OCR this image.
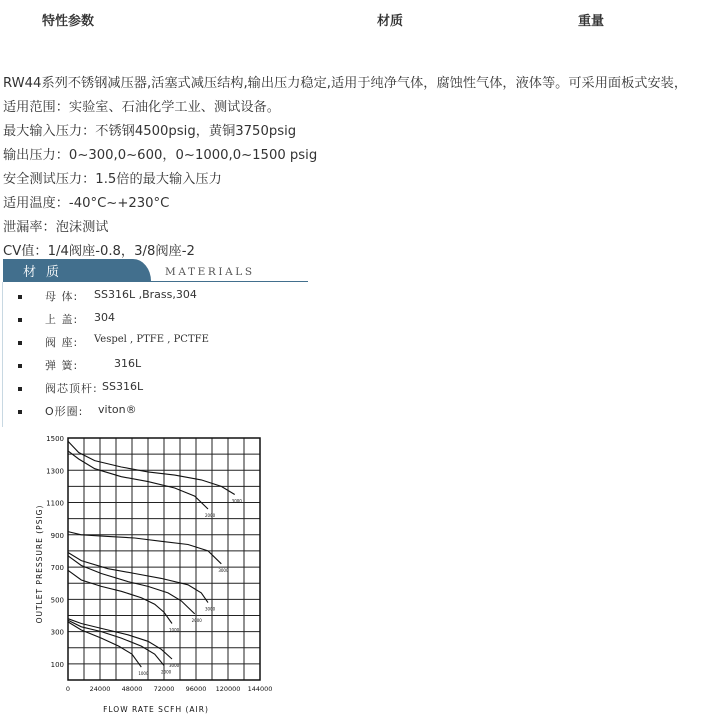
特性参数	材质	重量
RW44系列不锈钢减压器,活塞式减压结构,输出压力稳定,适用于纯净气体，腐蚀性气体，液体等。可采用面板式安装，
适用范围：实验室、石油化学工业、测试设备。
最大输入压力：不锈钢4500psig，黄铜3750psig
输出压力：0~300,0~600，0~1000,0~1500 psig
安全测试压力：1.5倍的最大输入压力
适用温度：-40°C~+230°C
泄漏率：泡沫测试
CV值：1/4阀座-0.8，3/8阀座-2
材质	MATERIALS
母 体: SS316L ,Brass,304
上 盖: 304
阀 座: Vespel , PTFE , PCTFE
弹 簧:	316L
阀芯顶杆: SS316L
O形圈: viton®
3000
2000
3000
3000
2000
1000
3000
2000
1000
100
300
500
700
900
1100
1300
1500
0	24000 48000 72000 96000 120000 144000
FLOW RATE SCFH (AIR)
OUTLET PRESSURE (PSIG)
